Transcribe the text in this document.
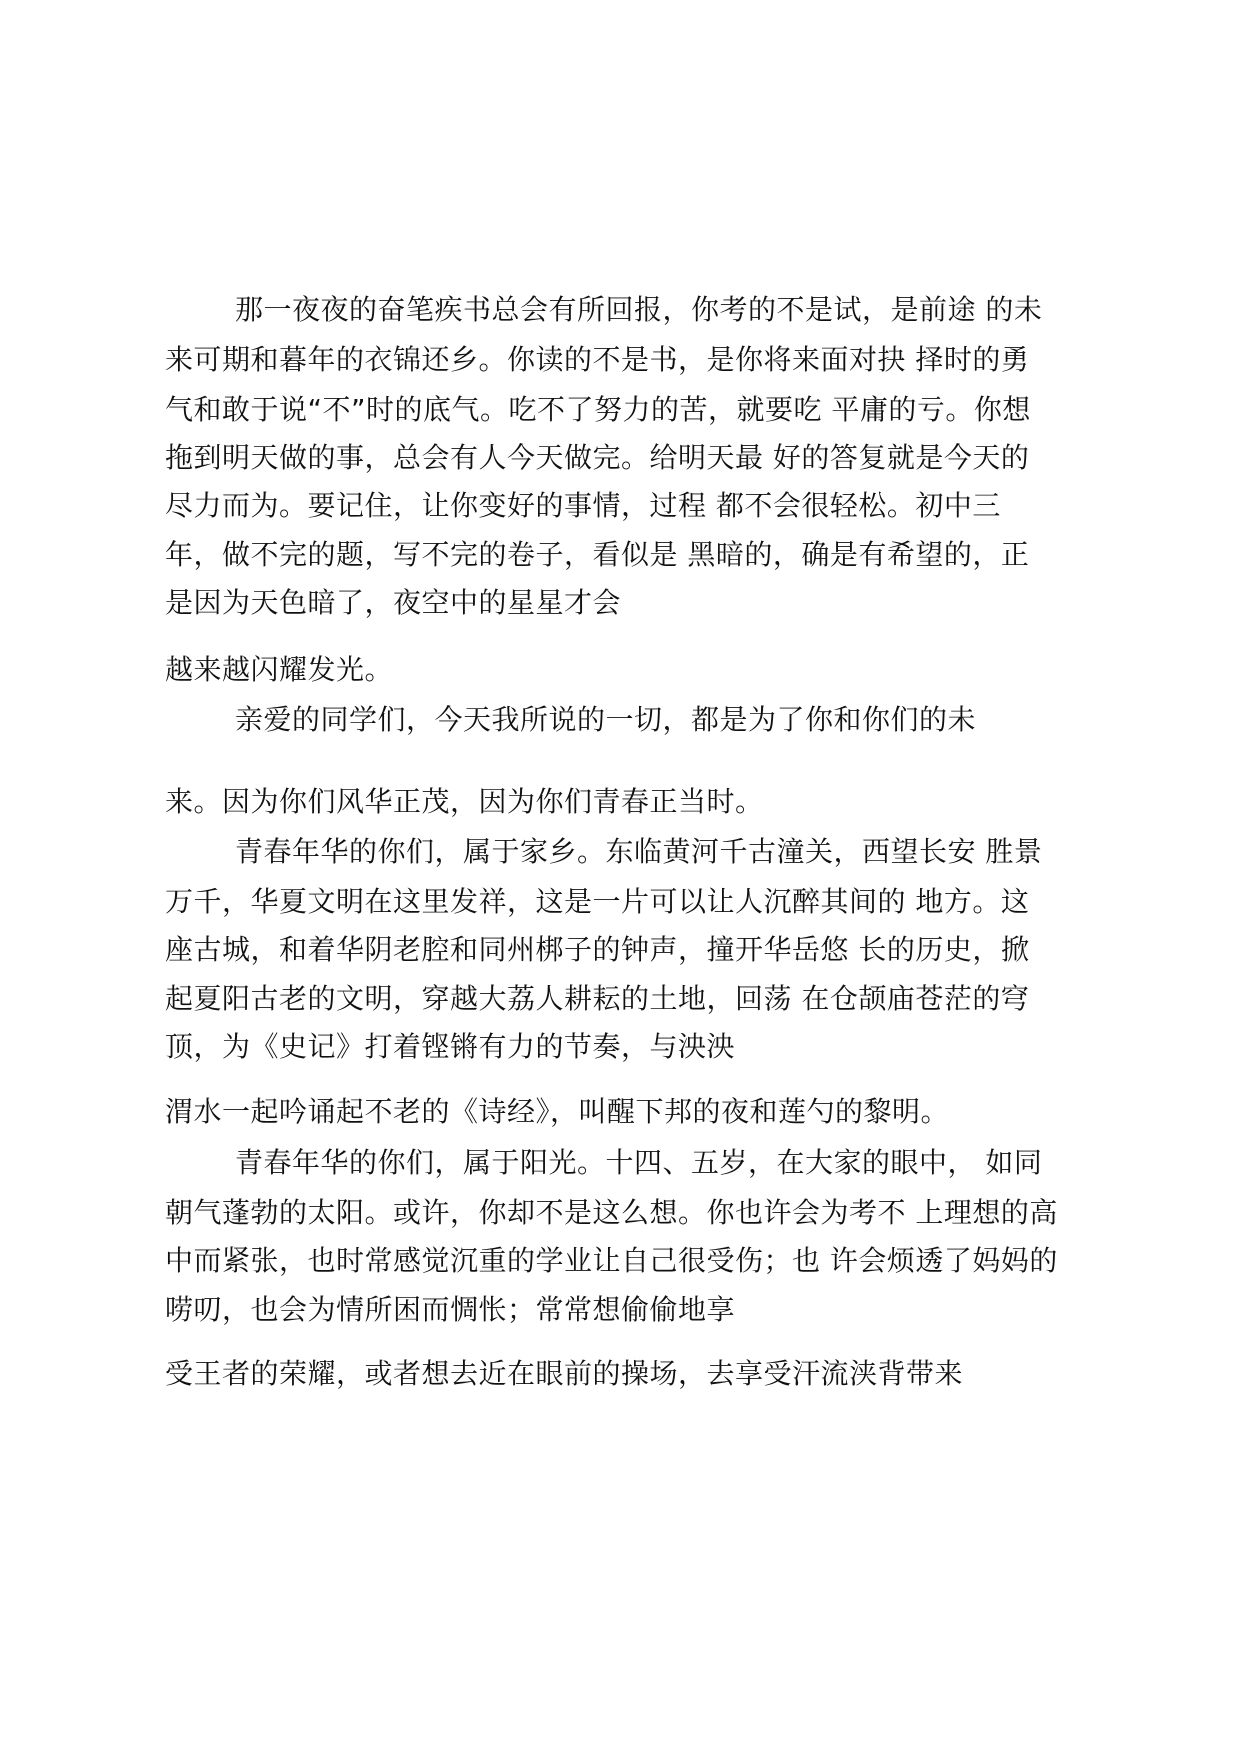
那一夜夜的奋笔疾书总会有所回报，你考的不是试，是前途 的未
来可期和暮年的衣锦还乡。你读的不是书，是你将来面对抉 择时的勇
气和敢于说“不”时的底气。吃不了努力的苦，就要吃 平庸的亏。你想
拖到明天做的事，总会有人今天做完。给明天最 好的答复就是今天的
尽力而为。要记住，让你变好的事情，过程 都不会很轻松。初中三
年，做不完的题，写不完的卷子，看似是 黑暗的，确是有希望的，正
是因为天色暗了，夜空中的星星才会
越来越闪耀发光。
亲爱的同学们，今天我所说的一切，都是为了你和你们的未
来。因为你们风华正茂，因为你们青春正当时。
青春年华的你们，属于家乡。东临黄河千古潼关，西望长安 胜景
万千，华夏文明在这里发祥，这是一片可以让人沉醉其间的 地方。这
座古城，和着华阴老腔和同州梆子的钟声，撞开华岳悠 长的历史，掀
起夏阳古老的文明，穿越大荔人耕耘的土地，回荡 在仓颉庙苍茫的穹
顶，为《史记》打着铿锵有力的节奏，与泱泱
渭水一起吟诵起不老的《诗经》，叫醒下邦的夜和莲勺的黎明。
青春年华的你们，属于阳光。十四、五岁，在大家的眼中， 如同
朝气蓬勃的太阳。或许，你却不是这么想。你也许会为考不 上理想的高
中而紧张，也时常感觉沉重的学业让自己很受伤；也 许会烦透了妈妈的
唠叨，也会为情所困而惆怅；常常想偷偷地享
受王者的荣耀，或者想去近在眼前的操场，去享受汗流浃背带来
